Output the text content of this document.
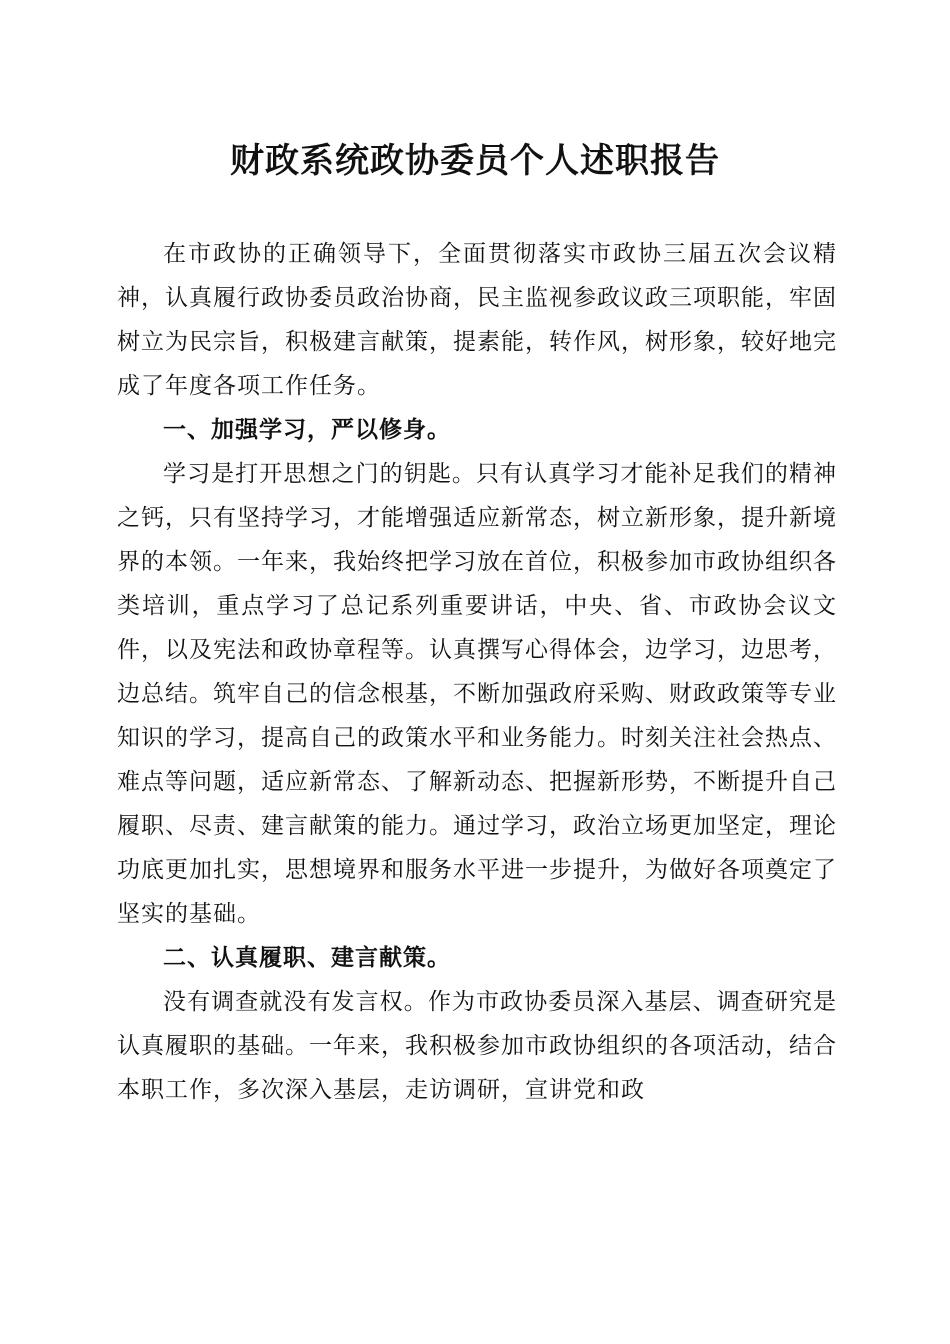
财政系统政协委员个人述职报告

在市政协的正确领导下，全面贯彻落实市政协三届五次会议精神，认真履行政协委员政治协商，民主监视参政议政三项职能，牢固树立为民宗旨，积极建言献策，提素能，转作风，树形象，较好地完成了年度各项工作任务。

一、加强学习，严以修身。

学习是打开思想之门的钥匙。只有认真学习才能补足我们的精神之钙，只有坚持学习，才能增强适应新常态，树立新形象，提升新境界的本领。一年来，我始终把学习放在首位，积极参加市政协组织各类培训，重点学习了总记系列重要讲话，中央、省、市政协会议文件，以及宪法和政协章程等。认真撰写心得体会，边学习，边思考，边总结。筑牢自己的信念根基，不断加强政府采购、财政政策等专业知识的学习，提高自己的政策水平和业务能力。时刻关注社会热点、难点等问题，适应新常态、了解新动态、把握新形势，不断提升自己履职、尽责、建言献策的能力。通过学习，政治立场更加坚定，理论功底更加扎实，思想境界和服务水平进一步提升，为做好各项奠定了坚实的基础。

二、认真履职、建言献策。

没有调查就没有发言权。作为市政协委员深入基层、调查研究是认真履职的基础。一年来，我积极参加市政协组织的各项活动，结合本职工作，多次深入基层，走访调研，宣讲党和政
